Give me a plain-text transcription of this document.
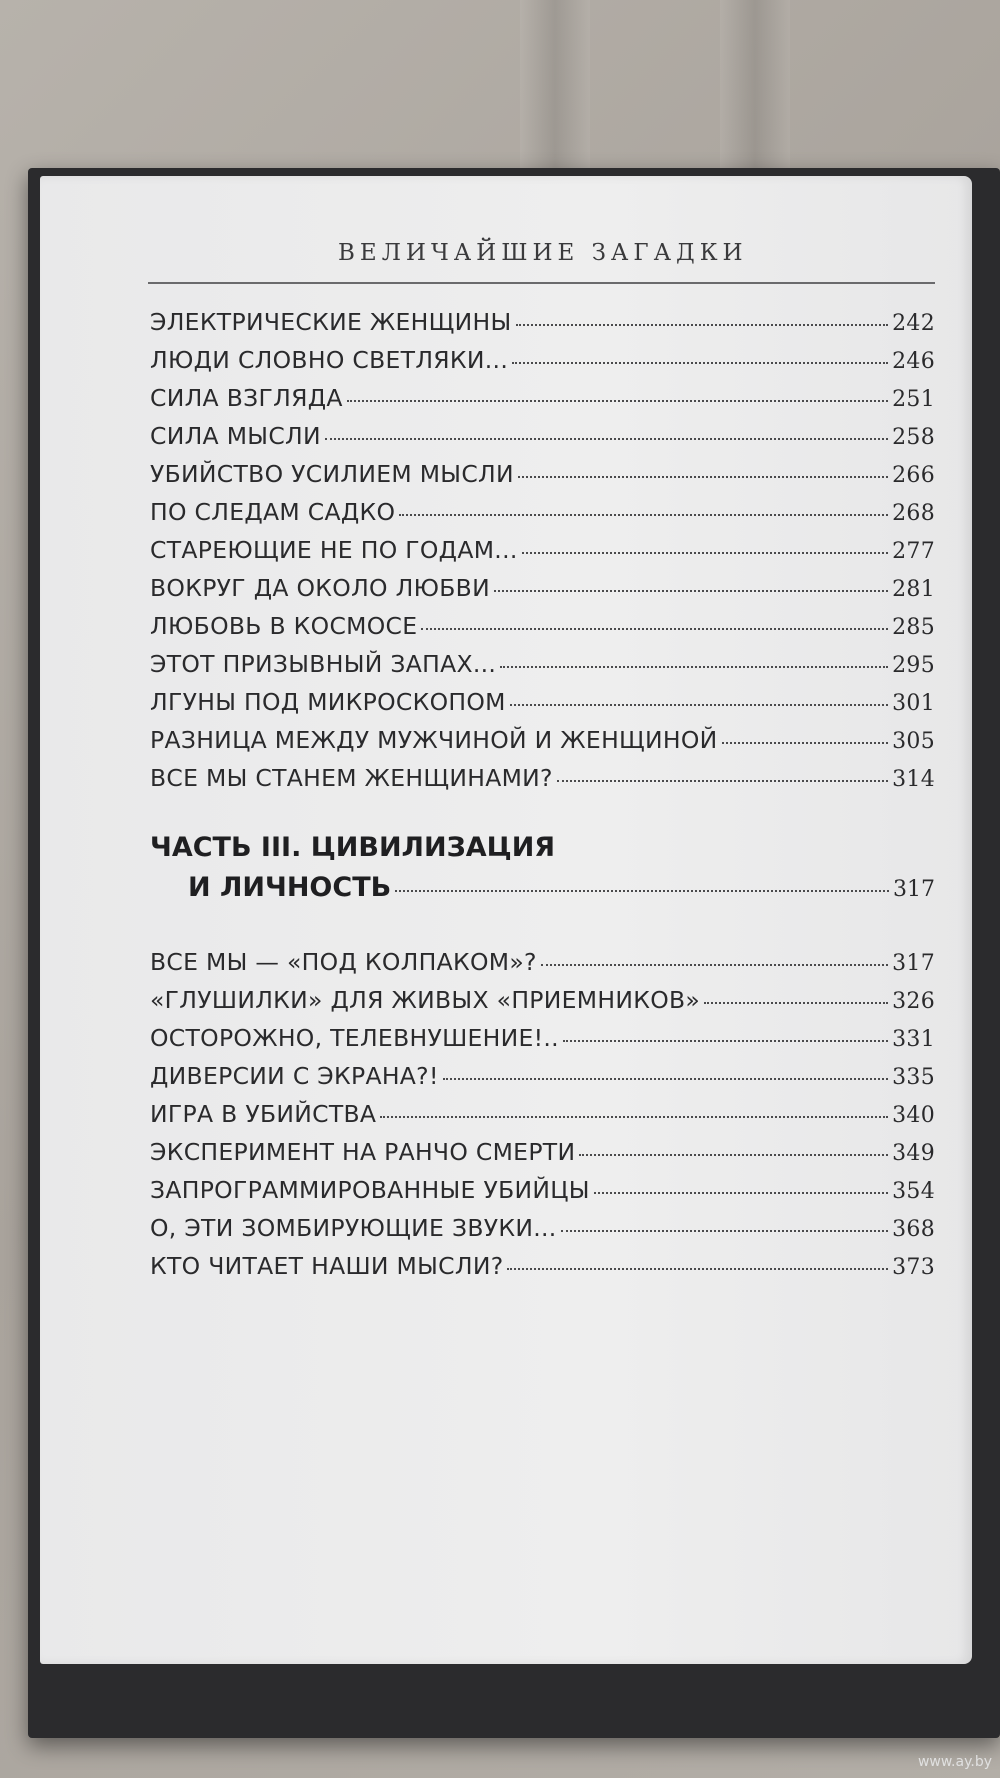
ВЕЛИЧАЙШИЕ ЗАГАДКИ
ЭЛЕКТРИЧЕСКИЕ ЖЕНЩИНЫ	242
ЛЮДИ СЛОВНО СВЕТЛЯКИ...	246
СИЛА ВЗГЛЯДА	251
СИЛА МЫСЛИ	258
УБИЙСТВО УСИЛИЕМ МЫСЛИ	266
ПО СЛЕДАМ САДКО	268
СТАРЕЮЩИЕ НЕ ПО ГОДАМ...	277
ВОКРУГ ДА ОКОЛО ЛЮБВИ	281
ЛЮБОВЬ В КОСМОСЕ	285
ЭТОТ ПРИЗЫВНЫЙ ЗАПАХ...	295
ЛГУНЫ ПОД МИКРОСКОПОМ	301
РАЗНИЦА МЕЖДУ МУЖЧИНОЙ И ЖЕНЩИНОЙ	305
ВСЕ МЫ СТАНЕМ ЖЕНЩИНАМИ?	314
ЧАСТЬ III. ЦИВИЛИЗАЦИЯ
И ЛИЧНОСТЬ	317
ВСЕ МЫ — «ПОД КОЛПАКОМ»?	317
«ГЛУШИЛКИ» ДЛЯ ЖИВЫХ «ПРИЕМНИКОВ»	326
ОСТОРОЖНО, ТЕЛЕВНУШЕНИЕ!..	331
ДИВЕРСИИ С ЭКРАНА?!	335
ИГРА В УБИЙСТВА	340
ЭКСПЕРИМЕНТ НА РАНЧО СМЕРТИ	349
ЗАПРОГРАММИРОВАННЫЕ УБИЙЦЫ	354
О, ЭТИ ЗОМБИРУЮЩИЕ ЗВУКИ...	368
КТО ЧИТАЕТ НАШИ МЫСЛИ?	373
www.ay.by
